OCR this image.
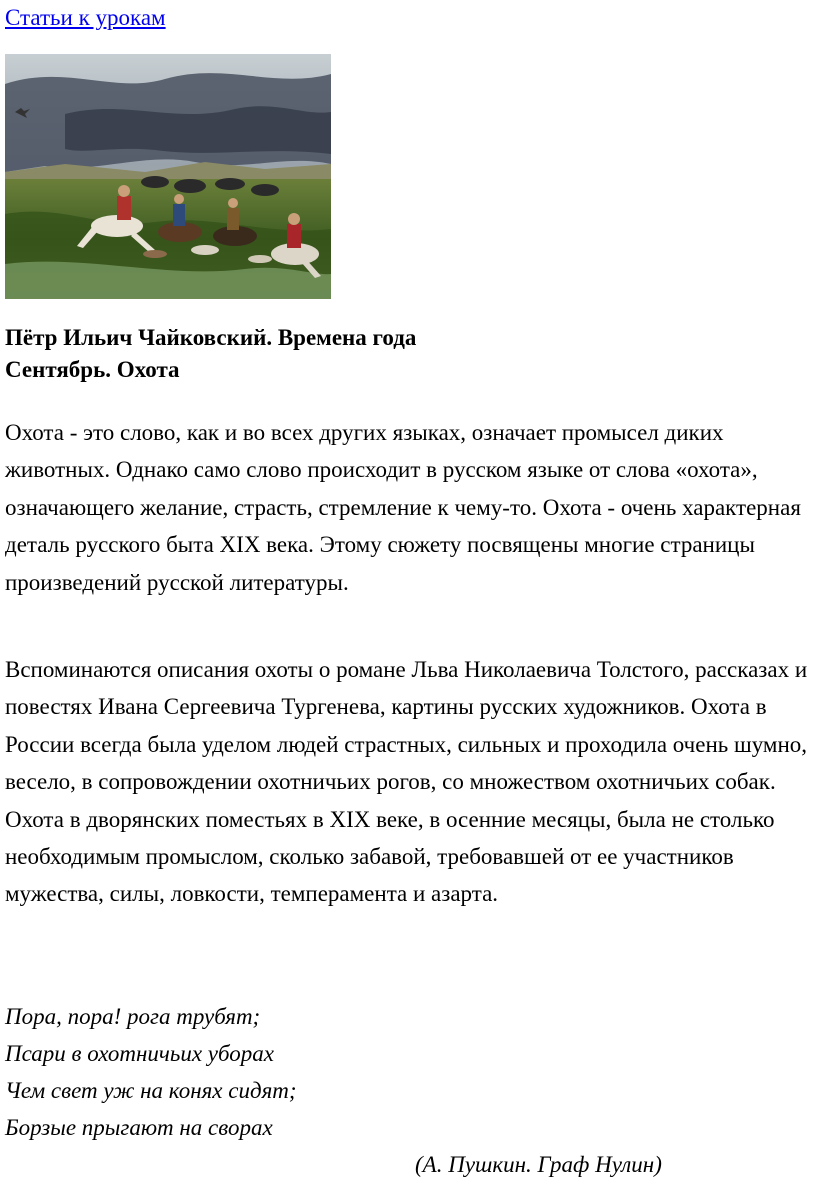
Статьи к урокам
Пётр Ильич Чайковский. Времена года
Сентябрь. Охота

Охота - это слово, как и во всех других языках, означает промысел диких животных. Однако само слово происходит в русском языке от слова «охота», означающего желание, страсть, стремление к чему-то. Охота - очень характерная деталь русского быта XIX века. Этому сюжету посвящены многие страницы произведений русской литературы.

Вспоминаются описания охоты о романе Льва Николаевича Толстого, рассказах и повестях Ивана Сергеевича Тургенева, картины русских художников. Охота в России всегда была уделом людей страстных, сильных и проходила очень шумно, весело, в сопровождении охотничьих рогов, со множеством охотничьих собак. Охота в дворянских поместьях в XIX веке, в осенние месяцы, была не столько необходимым промыслом, сколько забавой, требовавшей от ее участников мужества, силы, ловкости, темперамента и азарта.

Пора, пора! рога трубят;
Псари в охотничьих уборах
Чем свет уж на конях сидят;
Борзые прыгают на сворах
(А. Пушкин. Граф Нулин)
